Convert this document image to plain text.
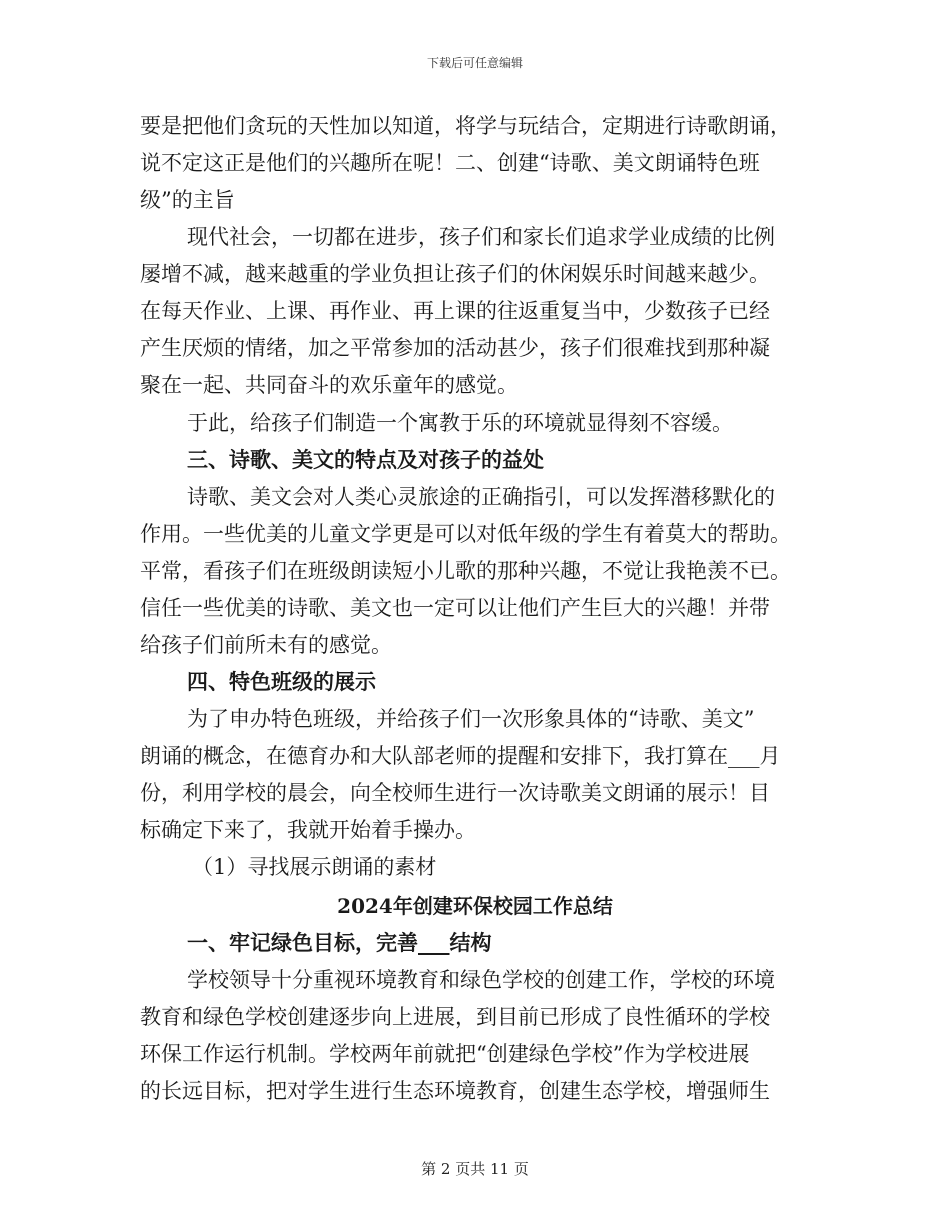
下载后可任意编辑
要是把他们贪玩的天性加以知道，将学与玩结合，定期进行诗歌朗诵，
说不定这正是他们的兴趣所在呢！二、创建“诗歌、美文朗诵特色班
级”的主旨
现代社会，一切都在进步，孩子们和家长们追求学业成绩的比例
屡增不减，越来越重的学业负担让孩子们的休闲娱乐时间越来越少。
在每天作业、上课、再作业、再上课的往返重复当中，少数孩子已经
产生厌烦的情绪，加之平常参加的活动甚少，孩子们很难找到那种凝
聚在一起、共同奋斗的欢乐童年的感觉。
于此，给孩子们制造一个寓教于乐的环境就显得刻不容缓。
三、诗歌、美文的特点及对孩子的益处
诗歌、美文会对人类心灵旅途的正确指引，可以发挥潜移默化的
作用。一些优美的儿童文学更是可以对低年级的学生有着莫大的帮助。
平常，看孩子们在班级朗读短小儿歌的那种兴趣，不觉让我艳羡不已。
信任一些优美的诗歌、美文也一定可以让他们产生巨大的兴趣！并带
给孩子们前所未有的感觉。
四、特色班级的展示
为了申办特色班级，并给孩子们一次形象具体的“诗歌、美文”
朗诵的概念，在德育办和大队部老师的提醒和安排下，我打算在___月
份，利用学校的晨会，向全校师生进行一次诗歌美文朗诵的展示！目
标确定下来了，我就开始着手操办。
（1）寻找展示朗诵的素材
2024年创建环保校园工作总结
一、牢记绿色目标，完善___结构
学校领导十分重视环境教育和绿色学校的创建工作，学校的环境
教育和绿色学校创建逐步向上进展，到目前已形成了良性循环的学校
环保工作运行机制。学校两年前就把“创建绿色学校”作为学校进展
的长远目标，把对学生进行生态环境教育，创建生态学校，增强师生
第 2 页共 11 页
